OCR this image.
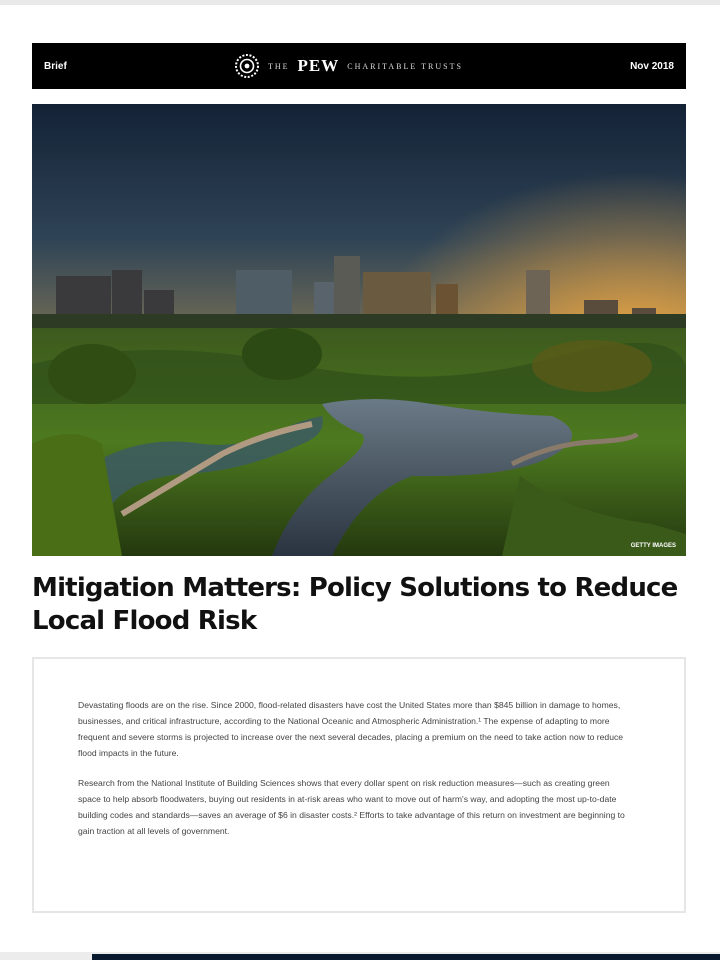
Brief	THE PEW CHARITABLE TRUSTS	Nov 2018
GETTY IMAGES
Mitigation Matters: Policy Solutions to Reduce Local Flood Risk

Devastating floods are on the rise. Since 2000, flood-related disasters have cost the United States more than $845 billion in damage to homes, businesses, and critical infrastructure, according to the National Oceanic and Atmospheric Administration.¹ The expense of adapting to more frequent and severe storms is projected to increase over the next several decades, placing a premium on the need to take action now to reduce flood impacts in the future.

Research from the National Institute of Building Sciences shows that every dollar spent on risk reduction measures—such as creating green space to help absorb floodwaters, buying out residents in at-risk areas who want to move out of harm's way, and adopting the most up-to-date building codes and standards—saves an average of $6 in disaster costs.² Efforts to take advantage of this return on investment are beginning to gain traction at all levels of government.
